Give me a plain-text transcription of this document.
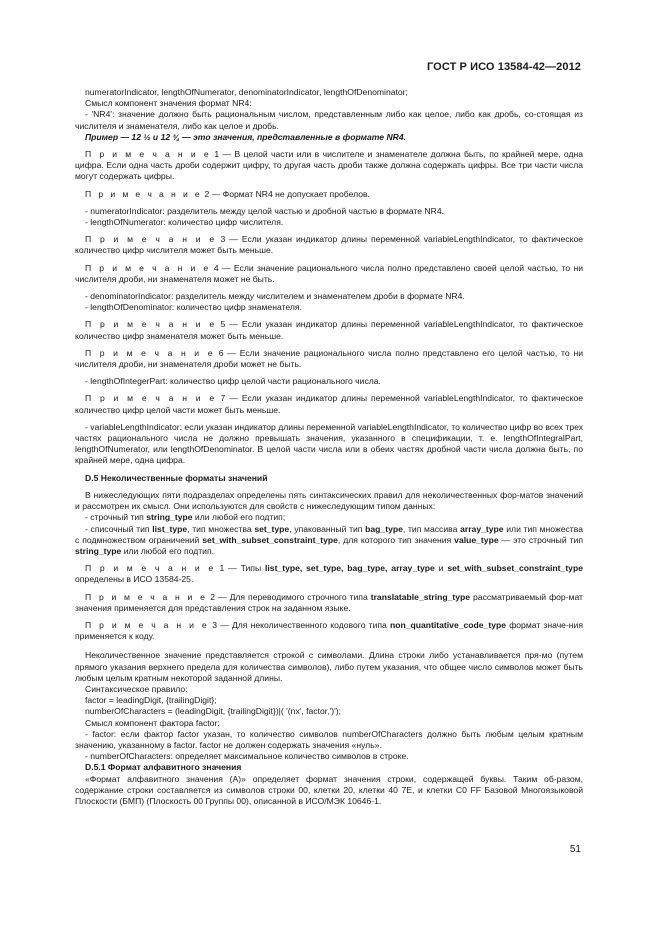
ГОСТ Р ИСО 13584-42—2012

numeratorIndicator, lengthOfNumerator, denominatorIndicator, lengthOfDenominator;

Смысл компонент значения формат NR4:

- 'NR4': значение должно быть рациональным числом, представленным либо как целое, либо как дробь, со-стоящая из числителя и знаменателя, либо как целое и дробь.

Пример — 12 ½ и 12 ¾ — это значения, представленные в формате NR4.

П р и м е ч а н и е 1 — В целой части или в числителе и знаменателе должна быть, по крайней мере, одна цифра. Если одна часть дроби содержит цифру, то другая часть дроби также должна содержать цифры. Все три части числа могут содержать цифры.

П р и м е ч а н и е 2 — Формат NR4 не допускает пробелов.

- numeratorIndicator: разделитель между целой частью и дробной частью в формате NR4.

- lengthOfNumerator: количество цифр числителя.

П р и м е ч а н и е 3 — Если указан индикатор длины переменной variableLengthIndicator, то фактическое количество цифр числителя может быть меньше.

П р и м е ч а н и е 4 — Если значение рационального числа полно представлено своей целой частью, то ни числителя дроби, ни знаменателя может не быть.

- denominatorIndicator: разделитель между числителем и знаменателем дроби в формате NR4.

- lengthOfDenominator: количество цифр знаменателя.

П р и м е ч а н и е 5 — Если указан индикатор длины переменной variableLengthIndicator, то фактическое количество цифр знаменателя может быть меньше.

П р и м е ч а н и е 6 — Если значение рационального числа полно представлено его целой частью, то ни числителя дроби, ни знаменателя дроби может не быть.

- lengthOfIntegerPart: количество цифр целой части рационального числа.

П р и м е ч а н и е 7 — Если указан индикатор длины переменной variableLengthIndicator, то фактическое количество цифр целой части может быть меньше.

- variableLengthIndicator: если указан индикатор длины переменной variableLengthIndicator, то количество цифр во всех трех частях рационального числа не должно превышать значения, указанного в спецификации, т. е. lengthOfIntegralPart, lengthOfNumerator, или lengthOfDenominator. В целой части числа или в обеих частях дробной части числа должна быть, по крайней мере, одна цифра.

D.5 Неколичественные форматы значений

В нижеследующих пяти подразделах определены пять синтаксических правил для неколичественных фор-матов значений и рассмотрен их смысл. Они используются для свойств с нижеследующим типом данных:

- строчный тип string_type или любой его подтип;

- списочный тип list_type, тип множества set_type, упакованный тип bag_type, тип массива array_type или тип множества с подмножеством ограничений set_with_subset_constraint_type, для которого тип значения value_type — это строчный тип string_type или любой его подтип.

П р и м е ч а н и е 1 — Типы list_type, set_type, bag_type, array_type и set_with_subset_constraint_type определены в ИСО 13584-25.

П р и м е ч а н и е 2 — Для переводимого строчного типа translatable_string_type рассматриваемый фор-мат значения применяется для представления строк на заданном языке.

П р и м е ч а н и е 3 — Для неколичественного кодового типа non_quantitative_code_type формат значе-ния применяется к коду.

Неколичественное значение представляется строкой с символами. Длина строки либо устанавливается пря-мо (путем прямого указания верхнего предела для количества символов), либо путем указания, что общее число символов может быть любым целым кратным некоторой заданной длины.

Синтаксическое правило:

factor = leadingDigit, {trailingDigit};

numberOfCharacters = (leadingDigit, {trailingDigit})|( '(nx', factor,')');

Смысл компонент фактора factor:

- factor: если фактор factor указан, то количество символов numberOfCharacters должно быть любым целым кратным значению, указанному в factor. factor не должен содержать значения «нуль».

- numberOfCharacters: определяет максимальное количество символов в строке.

D.5.1 Формат алфавитного значения

«Формат алфавитного значения (A)» определяет формат значения строки, содержащей буквы. Таким об-разом, содержание строки составляется из символов строки 00, клетки 20, клетки 40 7E, и клетки C0 FF Базовой Многоязыковой Плоскости (БМП) (Плоскость 00 Группы 00), описанной в ИСО/МЭК 10646-1.

51
